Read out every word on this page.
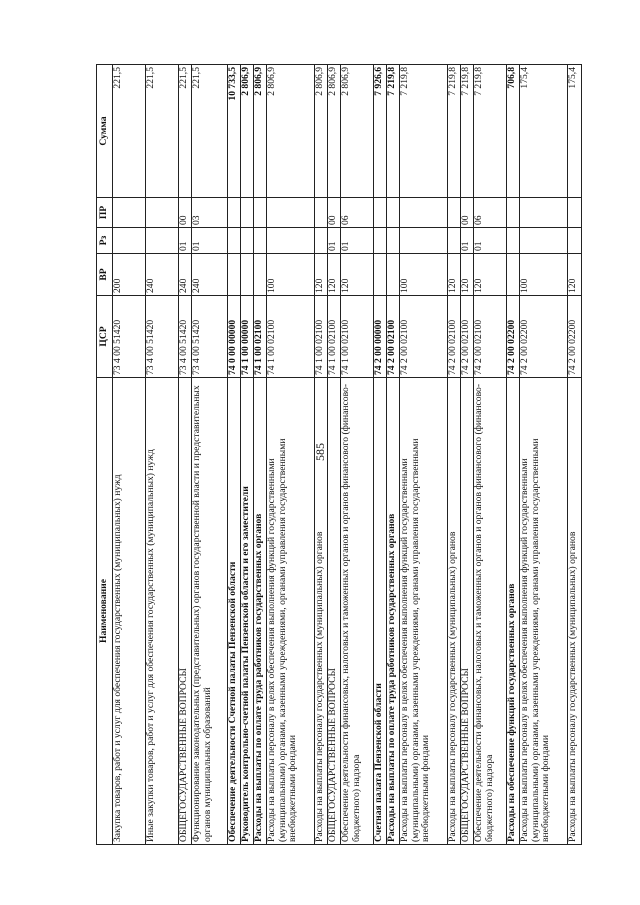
585
Наименование	ЦСР	ВР	Рз	ПР	Сумма
Закупка товаров, работ и услуг для обеспечения государственных (муниципальных) нужд	73 4 00 51420	200			221,5
Иные закупки товаров, работ и услуг для обеспечения государственных (муниципальных) нужд	73 4 00 51420	240			221,5
ОБЩЕГОСУДАРСТВЕННЫЕ ВОПРОСЫ	73 4 00 51420	240	01	00	221,5
Функционирование законодательных (представительных) органов государственной власти и представительных органов муниципальных образований	73 4 00 51420	240	01	03	221,5
Обеспечение деятельности Счетной палаты Пензенской области	74 0 00 00000				10 733,5
Руководитель контрольно-счетной палаты Пензенской области и его заместители	74 1 00 00000				2 806,9
Расходы на выплаты по оплате труда работников государственных органов	74 1 00 02100				2 806,9
Расходы на выплаты персоналу в целях обеспечения выполнения функций государственными (муниципальными) органами, казенными учреждениями, органами управления государственными внебюджетными фондами	74 1 00 02100	100			2 806,9
Расходы на выплаты персоналу государственных (муниципальных) органов	74 1 00 02100	120			2 806,9
ОБЩЕГОСУДАРСТВЕННЫЕ ВОПРОСЫ	74 1 00 02100	120	01	00	2 806,9
Обеспечение деятельности финансовых, налоговых и таможенных органов и органов финансового (финансово-бюджетного) надзора	74 1 00 02100	120	01	06	2 806,9
Счетная палата Пензенской области	74 2 00 00000				7 926,6
Расходы на выплаты по оплате труда работников государственных органов	74 2 00 02100				7 219,8
Расходы на выплаты персоналу в целях обеспечения выполнения функций государственными (муниципальными) органами, казенными учреждениями, органами управления государственными внебюджетными фондами	74 2 00 02100	100			7 219,8
Расходы на выплаты персоналу государственных (муниципальных) органов	74 2 00 02100	120			7 219,8
ОБЩЕГОСУДАРСТВЕННЫЕ ВОПРОСЫ	74 2 00 02100	120	01	00	7 219,8
Обеспечение деятельности финансовых, налоговых и таможенных органов и органов финансового (финансово-бюджетного) надзора	74 2 00 02100	120	01	06	7 219,8
Расходы на обеспечение функций государственных органов	74 2 00 02200				706,8
Расходы на выплаты персоналу в целях обеспечения выполнения функций государственными (муниципальными) органами, казенными учреждениями, органами управления государственными внебюджетными фондами	74 2 00 02200	100			175,4
Расходы на выплаты персоналу государственных (муниципальных) органов	74 2 00 02200	120			175,4
